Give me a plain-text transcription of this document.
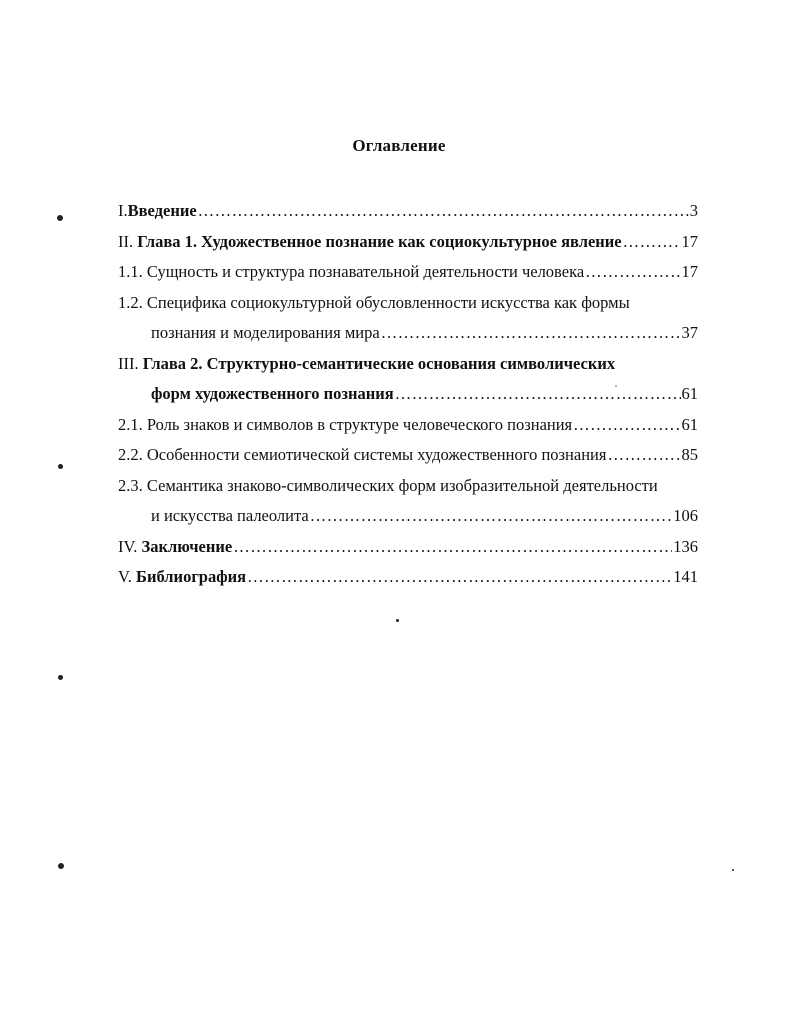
Оглавление
I.Введение ……………………………………………………………………………………………………………………………………………………………………	3
II. Глава 1. Художественное познание как социокультурное явление ……………………………………………………………………………………………………………………………………………………………………	17
1.1. Сущность и структура познавательной деятельности человека ……………………………………………………………………………………………………………………………………………………………………	17
1.2. Специфика социокультурной обусловленности искусства как формы
познания и моделирования мира ……………………………………………………………………………………………………………………………………………………………………	37
III. Глава 2. Структурно-семантические основания символических
форм художественного познания ……………………………………………………………………………………………………………………………………………………………………	61
2.1. Роль знаков и символов в структуре человеческого познания ……………………………………………………………………………………………………………………………………………………………………	61
2.2. Особенности семиотической системы художественного познания ……………………………………………………………………………………………………………………………………………………………………	85
2.3. Семантика знаково-символических форм изобразительной деятельности
и искусства палеолита ……………………………………………………………………………………………………………………………………………………………………	106
IV. Заключение ……………………………………………………………………………………………………………………………………………………………………	136
V. Библиография ……………………………………………………………………………………………………………………………………………………………………	141
